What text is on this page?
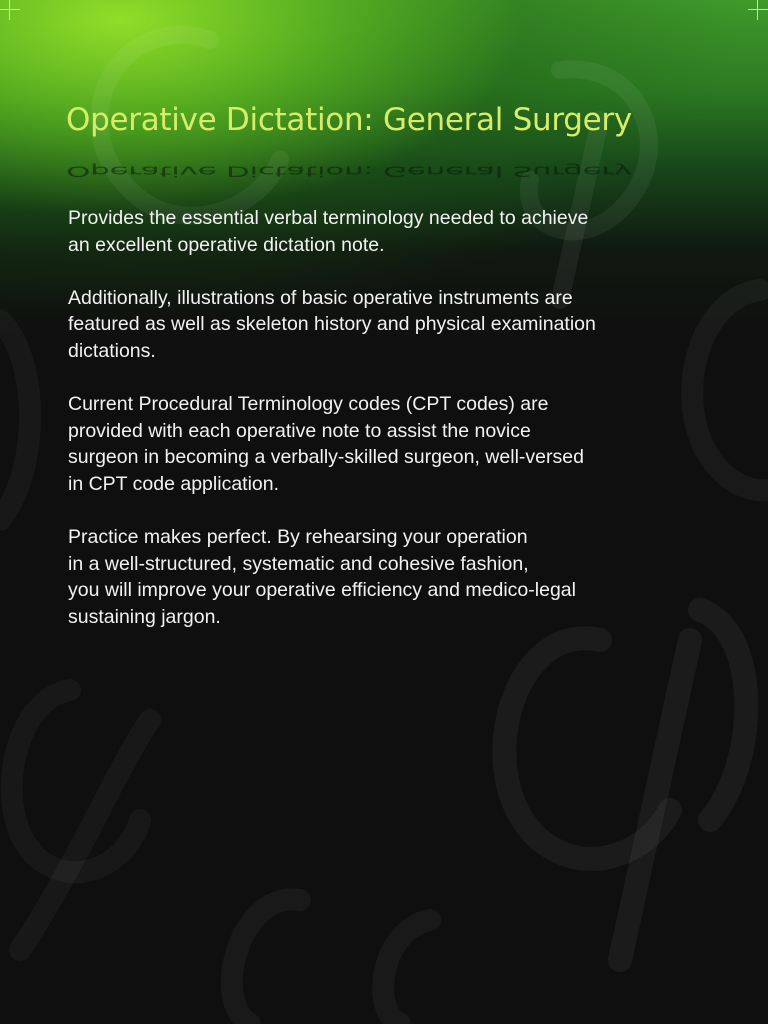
Operative Dictation: General Surgery
Operative Dictation: General Surgery

Provides the essential verbal terminology needed to achieve
an excellent operative dictation note.

Additionally, illustrations of basic operative instruments are
featured as well as skeleton history and physical examination
dictations.

Current Procedural Terminology codes (CPT codes) are
provided with each operative note to assist the novice
surgeon in becoming a verbally-skilled surgeon, well-versed
in CPT code application.

Practice makes perfect. By rehearsing your operation
in a well-structured, systematic and cohesive fashion,
you will improve your operative efficiency and medico-legal
sustaining jargon.
